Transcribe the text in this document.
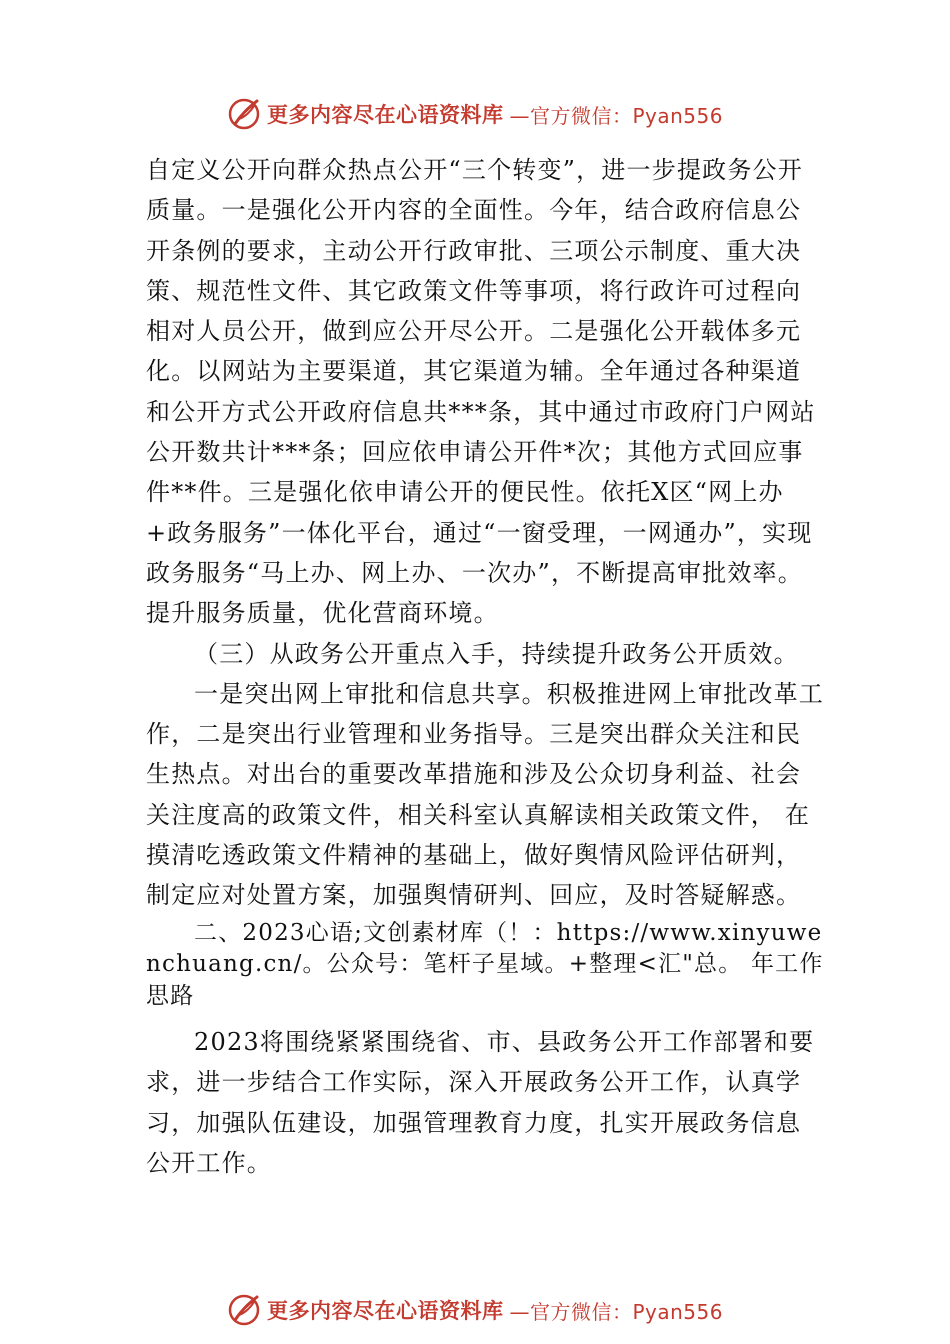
更多内容尽在心语资料库 —官方微信：Pyan556

自定义公开向群众热点公开“三个转变”，进一步提政务公开质量。一是强化公开内容的全面性。今年，结合政府信息公开条例的要求，主动公开行政审批、三项公示制度、重大决策、规范性文件、其它政策文件等事项，将行政许可过程向相对人员公开，做到应公开尽公开。二是强化公开载体多元化。以网站为主要渠道，其它渠道为辅。全年通过各种渠道和公开方式公开政府信息共***条，其中通过市政府门户网站公开数共计***条；回应依申请公开件*次；其他方式回应事件**件。三是强化依申请公开的便民性。依托X区“网上办+政务服务”一体化平台，通过“一窗受理，一网通办”，实现政务服务“马上办、网上办、一次办”，不断提高审批效率。提升服务质量，优化营商环境。

（三）从政务公开重点入手，持续提升政务公开质效。

一是突出网上审批和信息共享。积极推进网上审批改革工作，二是突出行业管理和业务指导。三是突出群众关注和民生热点。对出台的重要改革措施和涉及公众切身利益、社会关注度高的政策文件，相关科室认真解读相关政策文件， 在摸清吃透政策文件精神的基础上，做好舆情风险评估研判，制定应对处置方案，加强舆情研判、回应，及时答疑解惑。

二、2023心语;文创素材库（！：https://www.xinyuwenchuang.cn/。公众号：笔杆子星域。+整理<汇"总。 年工作思路

2023将围绕紧紧围绕省、市、县政务公开工作部署和要求，进一步结合工作实际，深入开展政务公开工作，认真学习，加强队伍建设，加强管理教育力度，扎实开展政务信息公开工作。

更多内容尽在心语资料库 —官方微信：Pyan556
